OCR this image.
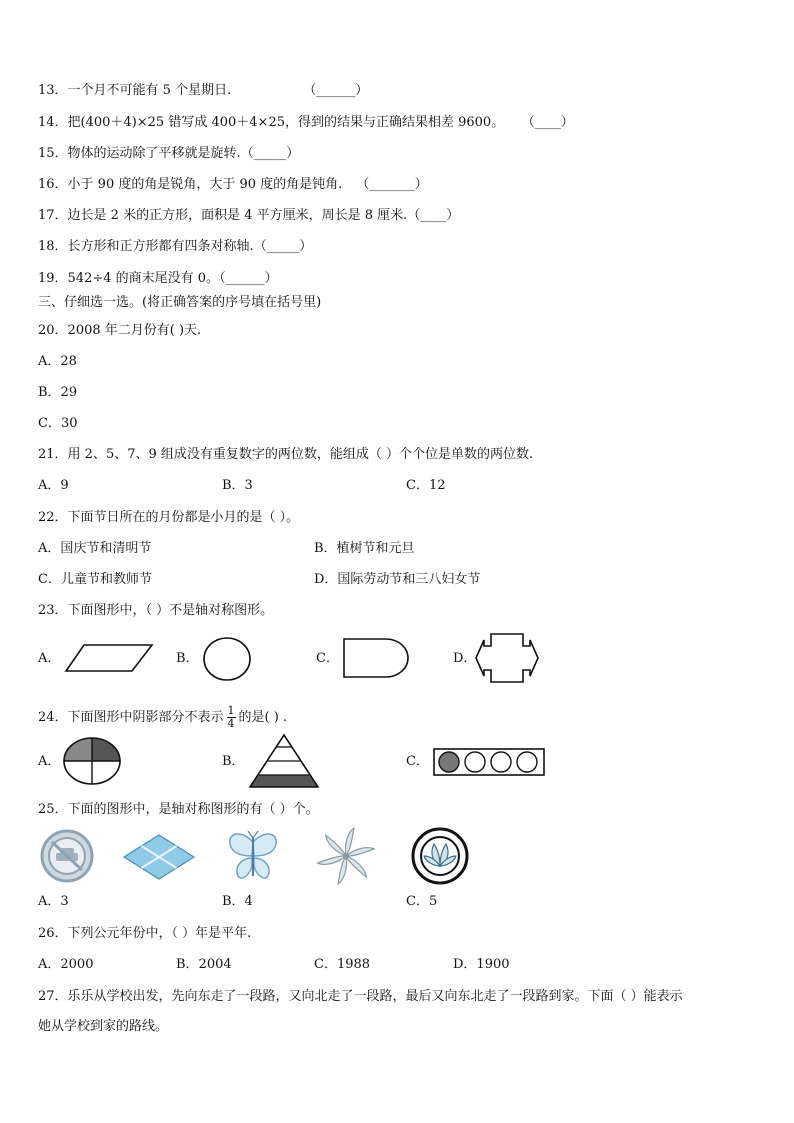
13．一个月不可能有 5 个星期日.	（______）
14．把(400＋4)×25 错写成 400＋4×25，得到的结果与正确结果相差 9600。 （____）
15．物体的运动除了平移就是旋转.（_____）
16．小于 90 度的角是锐角，大于 90 度的角是钝角. （_______）
17．边长是 2 米的正方形，面积是 4 平方厘米，周长是 8 厘米.（____）
18．长方形和正方形都有四条对称轴.（_____）
19．542÷4 的商末尾没有 0。（______）
三、仔细选一选。(将正确答案的序号填在括号里)
20．2008 年二月份有( )天.
A．28
B．29
C．30
21．用 2、5、7、9 组成没有重复数字的两位数，能组成（ ）个个位是单数的两位数.
A．9	B．3	C．12
22．下面节日所在的月份都是小月的是（ ）。
A．国庆节和清明节	B．植树节和元旦
C．儿童节和教师节	D．国际劳动节和三八妇女节
23．下面图形中，（ ）不是轴对称图形。
A．	B．	C．	D．
24．下面图形中阴影部分不表示 $\frac{1}{4}$ 的是( ) .
A．	B．	C．
25．下面的图形中，是轴对称图形的有（ ）个。
A．3	B．4	C．5
26．下列公元年份中，（ ）年是平年.
A．2000	B．2004	C．1988	D．1900
27．乐乐从学校出发，先向东走了一段路，又向北走了一段路，最后又向东北走了一段路到家。下面（ ）能表示
她从学校到家的路线。
